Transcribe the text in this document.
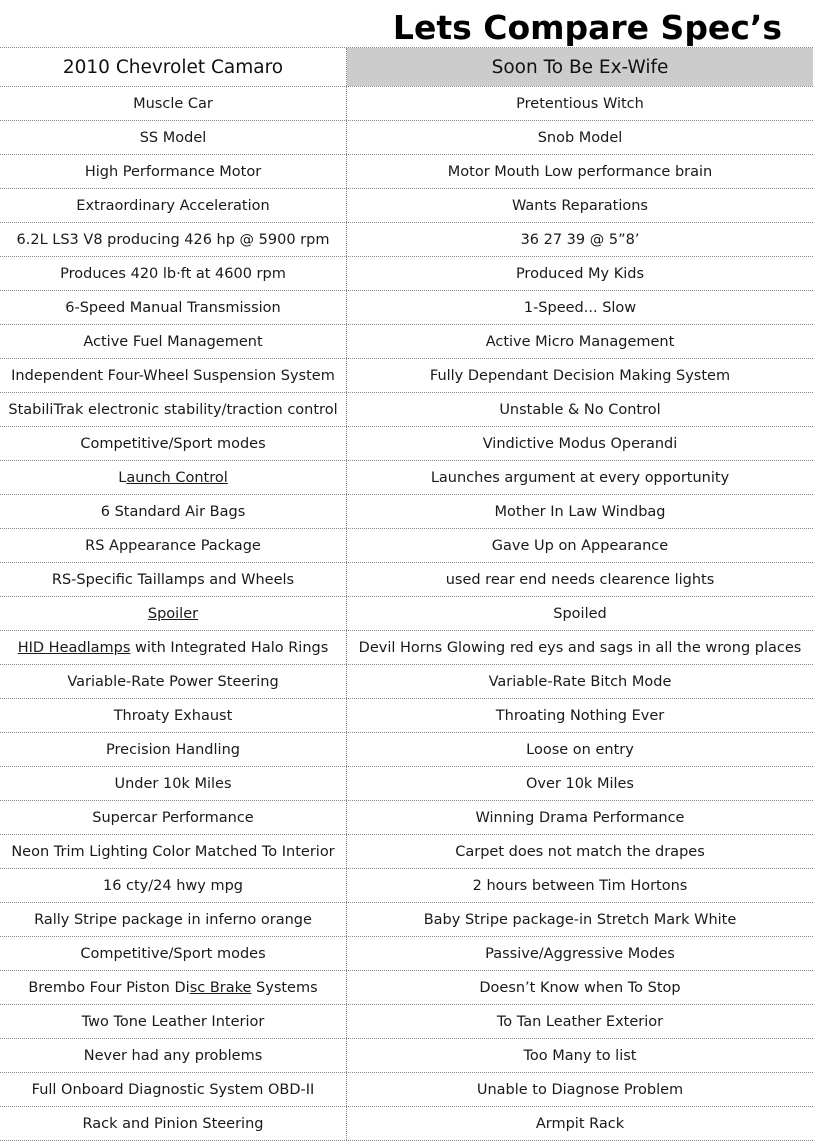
Lets Compare Spec’s
2010 Chevrolet Camaro	Soon To Be Ex-Wife
Muscle Car	Pretentious Witch
SS Model	Snob Model
High Performance Motor	Motor Mouth Low performance brain
Extraordinary Acceleration	Wants Reparations
6.2L LS3 V8 producing 426 hp @ 5900 rpm	36 27 39 @ 5”8’
Produces 420 lb·ft at 4600 rpm	Produced My Kids
6-Speed Manual Transmission	1-Speed... Slow
Active Fuel Management	Active Micro Management
Independent Four-Wheel Suspension System	Fully Dependant Decision Making System
StabiliTrak electronic stability/traction control	Unstable & No Control
Competitive/Sport modes	Vindictive Modus Operandi
L aunch Control	Launches argument at every opportunity
6 Standard Air Bags	Mother In Law Windbag
RS Appearance Package	Gave Up on Appearance
RS-Specific Taillamps and Wheels	used rear end needs clearence lights
Spoiler	Spoiled
HID Headlamps with Integrated Halo Rings	Devil Horns Glowing red eys and sags in all the wrong places
Variable-Rate Power Steering	Variable-Rate Bitch Mode
Throaty Exhaust	Throating Nothing Ever
Precision Handling	Loose on entry
Under 10k Miles	Over 10k Miles
Supercar Performance	Winning Drama Performance
Neon Trim Lighting Color Matched To Interior	Carpet does not match the drapes
16 cty/24 hwy mpg	2 hours between Tim Hortons
Rally Stripe package in inferno orange	Baby Stripe package-in Stretch Mark White
Competitive/Sport modes	Passive/Aggressive Modes
Brembo Four Piston Di sc Brake Systems	Doesn’t Know when To Stop
Two Tone Leather Interior	To Tan Leather Exterior
Never had any problems	Too Many to list
Full Onboard Diagnostic System OBD-II	Unable to Diagnose Problem
Rack and Pinion Steering	Armpit Rack
